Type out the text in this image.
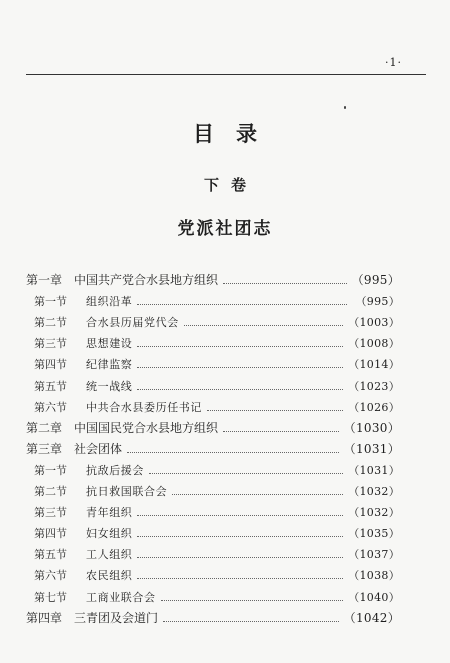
·1·
目录
下卷
党派社团志
第一章 中国共产党合水县地方组织	（995）
第一节	组织沿革	（995）
第二节	合水县历届党代会	（1003）
第三节	思想建设	（1008）
第四节	纪律监察	（1014）
第五节	统一战线	（1023）
第六节	中共合水县委历任书记	（1026）
第二章 中国国民党合水县地方组织	（1030）
第三章 社会团体	（1031）
第一节	抗敌后援会	（1031）
第二节	抗日救国联合会	（1032）
第三节	青年组织	（1032）
第四节	妇女组织	（1035）
第五节	工人组织	（1037）
第六节	农民组织	（1038）
第七节	工商业联合会	（1040）
第四章 三青团及会道门	（1042）
